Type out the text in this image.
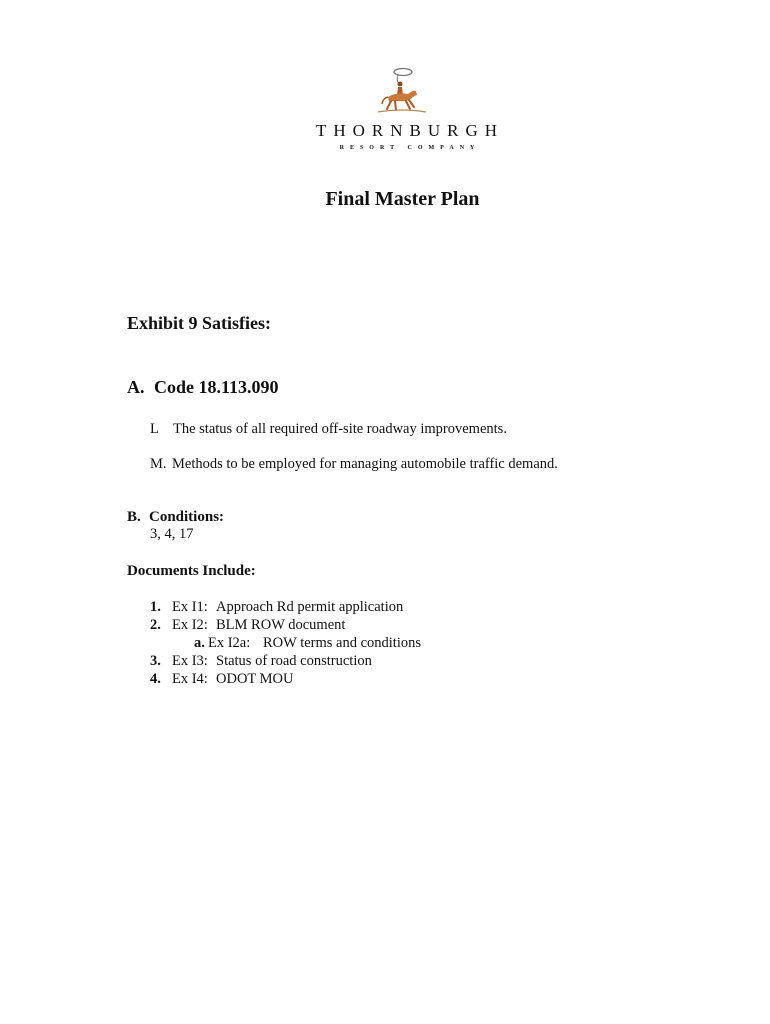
THORNBURGH
RESORT COMPANY
Final Master Plan
Exhibit 9 Satisfies:
A. Code 18.113.090
L The status of all required off-site roadway improvements.
M. Methods to be employed for managing automobile traffic demand.
B. Conditions:
3, 4, 17
Documents Include:
1. Ex I1: Approach Rd permit application
2. Ex I2: BLM ROW document
a. Ex I2a: ROW terms and conditions
3. Ex I3: Status of road construction
4. Ex I4: ODOT MOU
